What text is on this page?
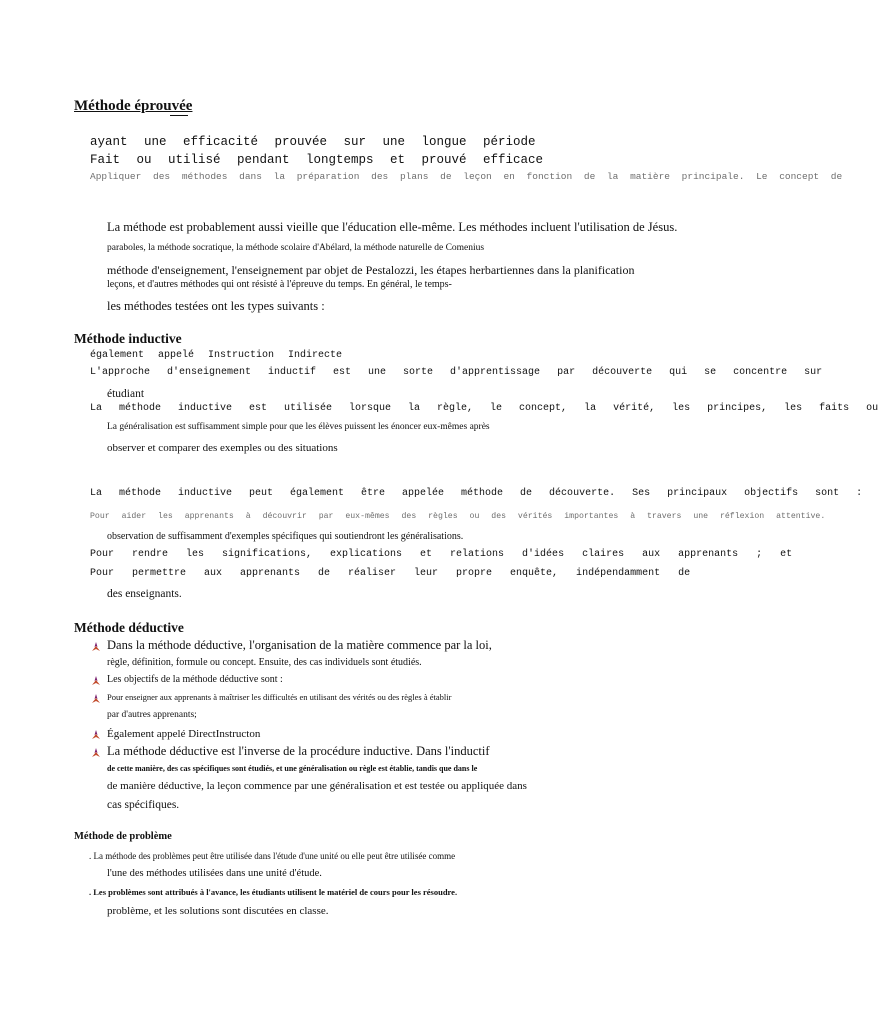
Méthode éprouvée
ayant une efficacité prouvée sur une longue période
Fait ou utilisé pendant longtemps et prouvé efficace
Appliquer des méthodes dans la préparation des plans de leçon en fonction de la matière principale. Le concept de
La méthode est probablement aussi vieille que l'éducation elle-même. Les méthodes incluent l'utilisation de Jésus.
paraboles, la méthode socratique, la méthode scolaire d'Abélard, la méthode naturelle de Comenius
méthode d'enseignement, l'enseignement par objet de Pestalozzi, les étapes herbartiennes dans la planification
leçons, et d'autres méthodes qui ont résisté à l'épreuve du temps. En général, le temps-
les méthodes testées ont les types suivants :
Méthode inductive
également appelé Instruction Indirecte
L'approche d'enseignement inductif est une sorte d'apprentissage par découverte qui se concentre sur
étudiant
La méthode inductive est utilisée lorsque la règle, le concept, la vérité, les principes, les faits ou
La généralisation est suffisamment simple pour que les élèves puissent les énoncer eux-mêmes après
observer et comparer des exemples ou des situations
La méthode inductive peut également être appelée méthode de découverte. Ses principaux objectifs sont :
Pour aider les apprenants à découvrir par eux-mêmes des règles ou des vérités importantes à travers une réflexion attentive.
observation de suffisamment d'exemples spécifiques qui soutiendront les généralisations.
Pour rendre les significations, explications et relations d'idées claires aux apprenants ; et
Pour permettre aux apprenants de réaliser leur propre enquête, indépendamment de
des enseignants.
Méthode déductive
Dans la méthode déductive, l'organisation de la matière commence par la loi,
règle, définition, formule ou concept. Ensuite, des cas individuels sont étudiés.
Les objectifs de la méthode déductive sont :
Pour enseigner aux apprenants à maîtriser les difficultés en utilisant des vérités ou des règles à établir
par d'autres apprenants;
Également appelé DirectInstructon
La méthode déductive est l'inverse de la procédure inductive. Dans l'inductif
de cette manière, des cas spécifiques sont étudiés, et une généralisation ou règle est établie, tandis que dans le
de manière déductive, la leçon commence par une généralisation et est testée ou appliquée dans
cas spécifiques.
Méthode de problème
. La méthode des problèmes peut être utilisée dans l'étude d'une unité ou elle peut être utilisée comme
l'une des méthodes utilisées dans une unité d'étude.
. Les problèmes sont attribués à l'avance, les étudiants utilisent le matériel de cours pour les résoudre.
problème, et les solutions sont discutées en classe.
